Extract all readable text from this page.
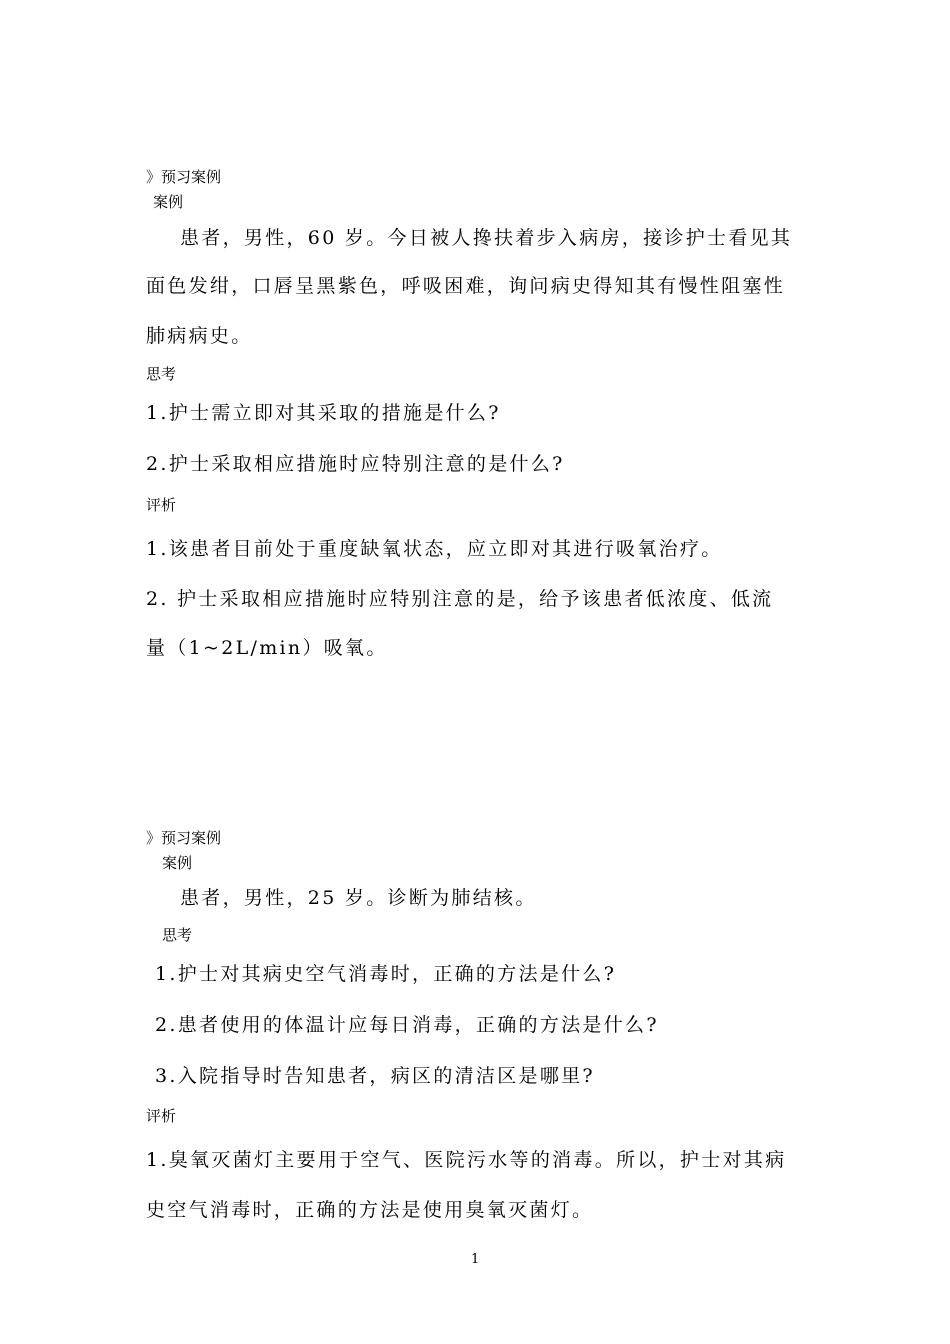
》预习案例

案例

患者，男性，60 岁。今日被人搀扶着步入病房，接诊护士看见其

面色发绀，口唇呈黑紫色，呼吸困难，询问病史得知其有慢性阻塞性

肺病病史。

思考

1.护士需立即对其采取的措施是什么?

2.护士采取相应措施时应特别注意的是什么?

评析

1.该患者目前处于重度缺氧状态，应立即对其进行吸氧治疗。

2. 护士采取相应措施时应特别注意的是，给予该患者低浓度、低流

量（1~2L/min）吸氧。

》预习案例

案例

患者，男性，25 岁。诊断为肺结核。

思考

1.护士对其病史空气消毒时，正确的方法是什么?

2.患者使用的体温计应每日消毒，正确的方法是什么?

3.入院指导时告知患者，病区的清洁区是哪里?

评析

1.臭氧灭菌灯主要用于空气、医院污水等的消毒。所以，护士对其病

史空气消毒时，正确的方法是使用臭氧灭菌灯。

1
